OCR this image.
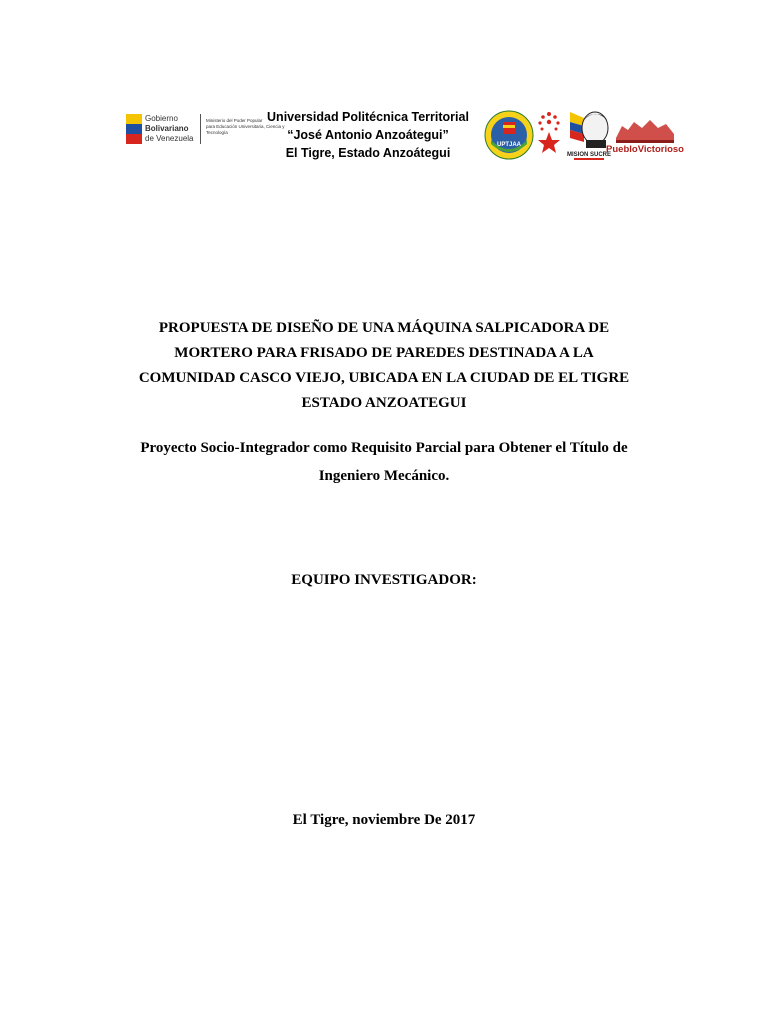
Gobierno Bolivariano
de Venezuela
Ministerio del Poder Popular
para Educación Universitaria, Ciencia y Tecnología
Universidad Politécnica Territorial
“José Antonio Anzoátegui”
El Tigre, Estado Anzoátegui
UPTJAA
MISION SUCRE
PuebloVictorioso
PROPUESTA DE DISEÑO DE UNA MÁQUINA SALPICADORA DE
MORTERO PARA FRISADO DE PAREDES DESTINADA A LA
COMUNIDAD CASCO VIEJO, UBICADA EN LA CIUDAD DE EL TIGRE
ESTADO ANZOATEGUI
Proyecto Socio-Integrador como Requisito Parcial para Obtener el Título de
Ingeniero Mecánico.
EQUIPO INVESTIGADOR:
El Tigre, noviembre De 2017
